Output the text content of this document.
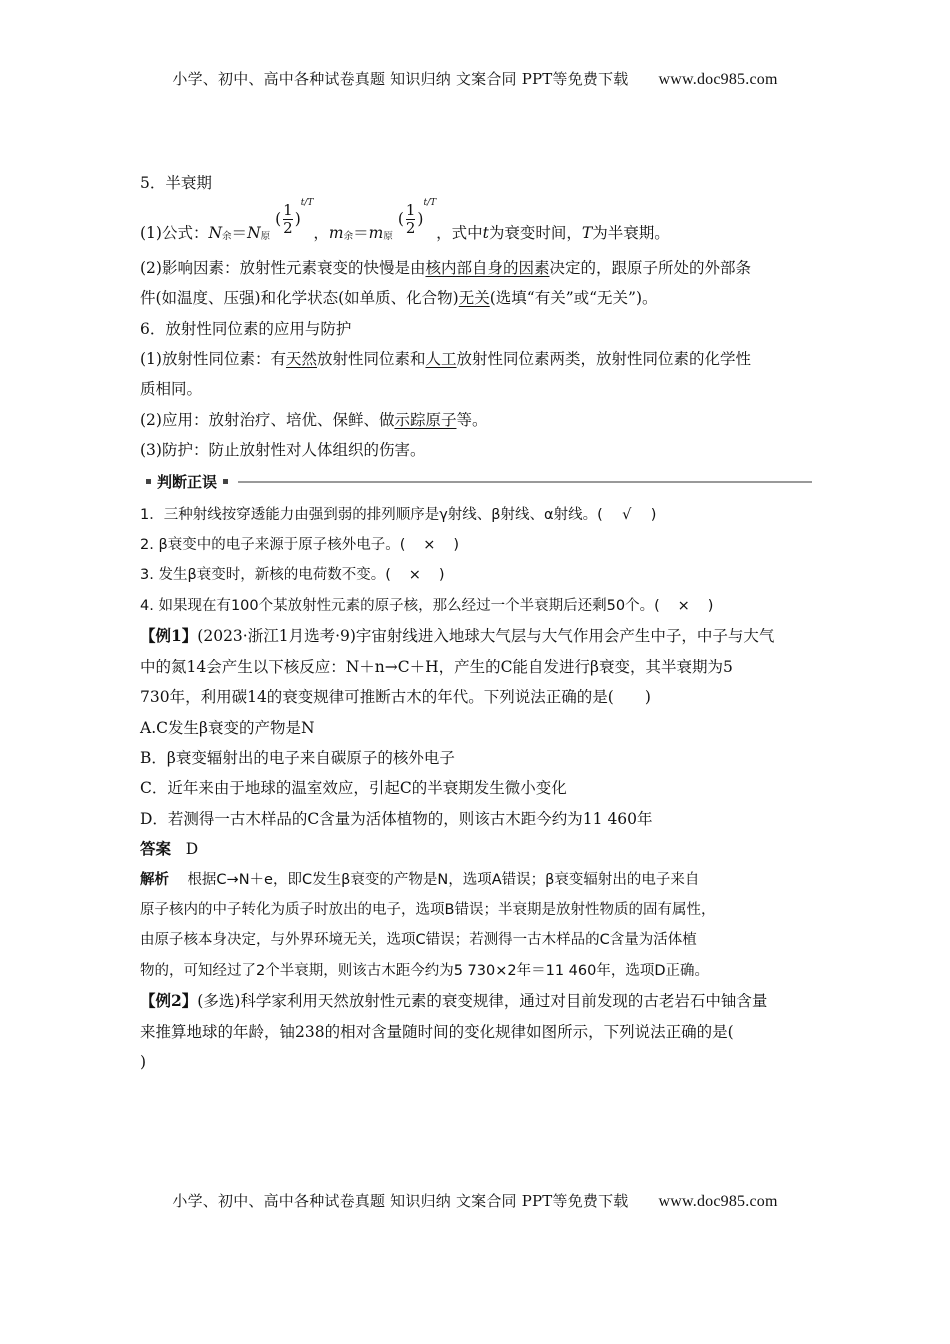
小学、初中、高中各种试卷真题 知识归纳 文案合同 PPT等免费下载 www.doc985.com
5．半衰期
(1)公式：N余＝N原
( $\frac{1}{2}$ )
t/T
，m余＝m原
( $\frac{1}{2}$ )
t/T
，式中t为衰变时间，T为半衰期。
(2)影响因素：放射性元素衰变的快慢是由核内部自身的因素决定的，跟原子所处的外部条
件(如温度、压强)和化学状态(如单质、化合物)无关(选填“有关”或“无关”)。
6．放射性同位素的应用与防护
(1)放射性同位素：有天然放射性同位素和人工放射性同位素两类，放射性同位素的化学性
质相同。
(2)应用：放射治疗、培优、保鲜、做示踪原子等。
(3)防护：防止放射性对人体组织的伤害。
判断正误
1．三种射线按穿透能力由强到弱的排列顺序是γ射线、β射线、α射线。( √ )
2. β衰变中的电子来源于原子核外电子。( × )
3. 发生β衰变时，新核的电荷数不变。( × )
4. 如果现在有100个某放射性元素的原子核，那么经过一个半衰期后还剩50个。( × )
【例1】(2023·浙江1月选考·9)宇宙射线进入地球大气层与大气作用会产生中子，中子与大气
中的氮14会产生以下核反应：N＋n→C＋H，产生的C能自发进行β衰变，其半衰期为5
730年，利用碳14的衰变规律可推断古木的年代。下列说法正确的是(　　)
A.C发生β衰变的产物是N
B．β衰变辐射出的电子来自碳原子的核外电子
C．近年来由于地球的温室效应，引起C的半衰期发生微小变化
D．若测得一古木样品的C含量为活体植物的，则该古木距今约为11 460年
答案 D
解析 根据C→N＋e，即C发生β衰变的产物是N，选项A错误；β衰变辐射出的电子来自
原子核内的中子转化为质子时放出的电子，选项B错误；半衰期是放射性物质的固有属性，
由原子核本身决定，与外界环境无关，选项C错误；若测得一古木样品的C含量为活体植
物的，可知经过了2个半衰期，则该古木距今约为5 730×2年＝11 460年，选项D正确。
【例2】(多选)科学家利用天然放射性元素的衰变规律，通过对目前发现的古老岩石中铀含量
来推算地球的年龄，铀238的相对含量随时间的变化规律如图所示，下列说法正确的是(
)
小学、初中、高中各种试卷真题 知识归纳 文案合同 PPT等免费下载 www.doc985.com
